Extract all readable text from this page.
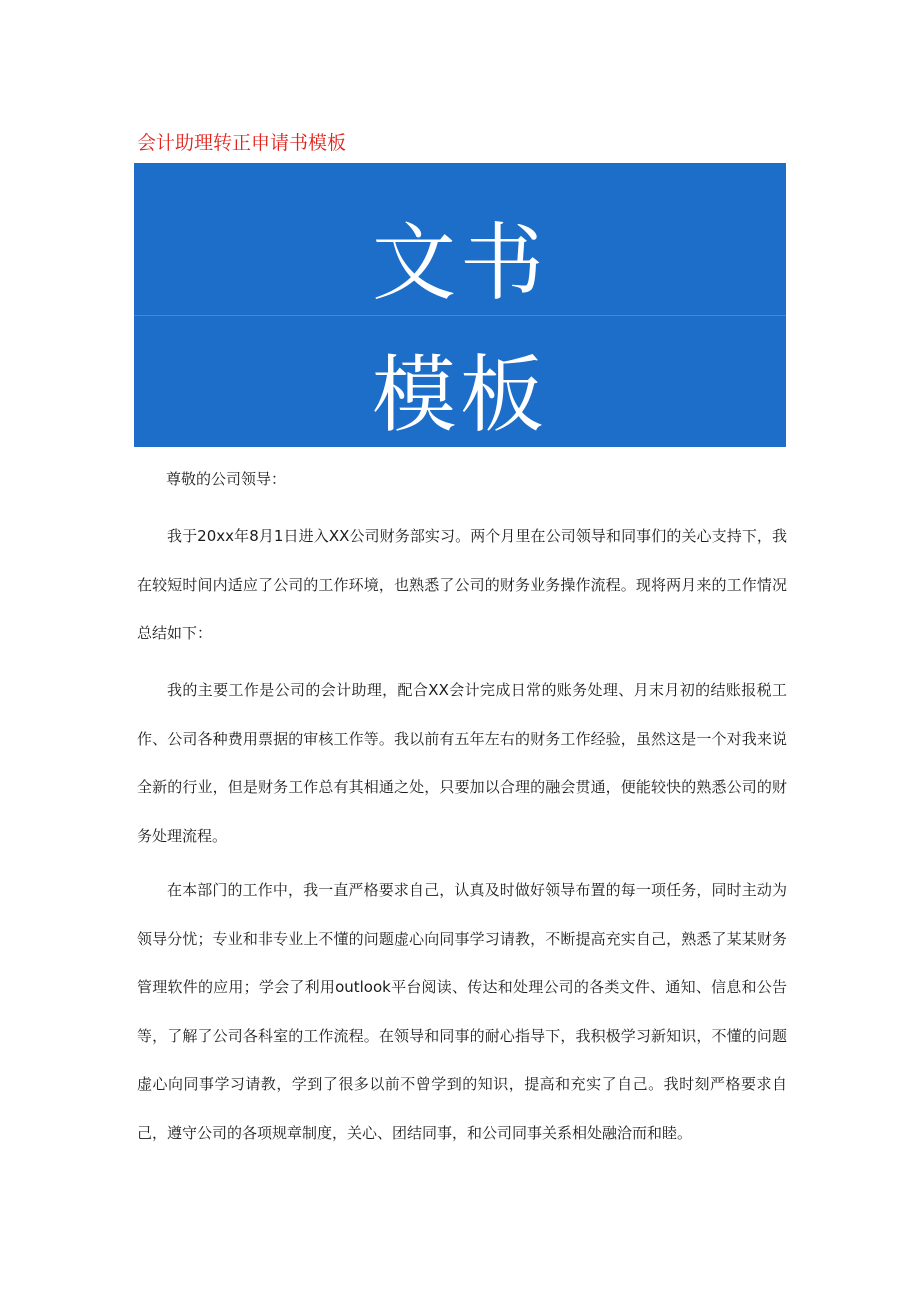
会计助理转正申请书模板
文书
模板
尊敬的公司领导：

我于20xx年8月1日进入XX公司财务部实习。两个月里在公司领导和同事们的关心支持下，我在较短时间内适应了公司的工作环境，也熟悉了公司的财务业务操作流程。现将两月来的工作情况总结如下：

我的主要工作是公司的会计助理，配合XX会计完成日常的账务处理、月末月初的结账报税工作、公司各种费用票据的审核工作等。我以前有五年左右的财务工作经验，虽然这是一个对我来说全新的行业，但是财务工作总有其相通之处，只要加以合理的融会贯通，便能较快的熟悉公司的财务处理流程。

在本部门的工作中，我一直严格要求自己，认真及时做好领导布置的每一项任务，同时主动为领导分忧；专业和非专业上不懂的问题虚心向同事学习请教，不断提高充实自己，熟悉了某某财务管理软件的应用；学会了利用outlook平台阅读、传达和处理公司的各类文件、通知、信息和公告等，了解了公司各科室的工作流程。在领导和同事的耐心指导下，我积极学习新知识，不懂的问题虚心向同事学习请教，学到了很多以前不曾学到的知识，提高和充实了自己。我时刻严格要求自己，遵守公司的各项规章制度，关心、团结同事，和公司同事关系相处融洽而和睦。
